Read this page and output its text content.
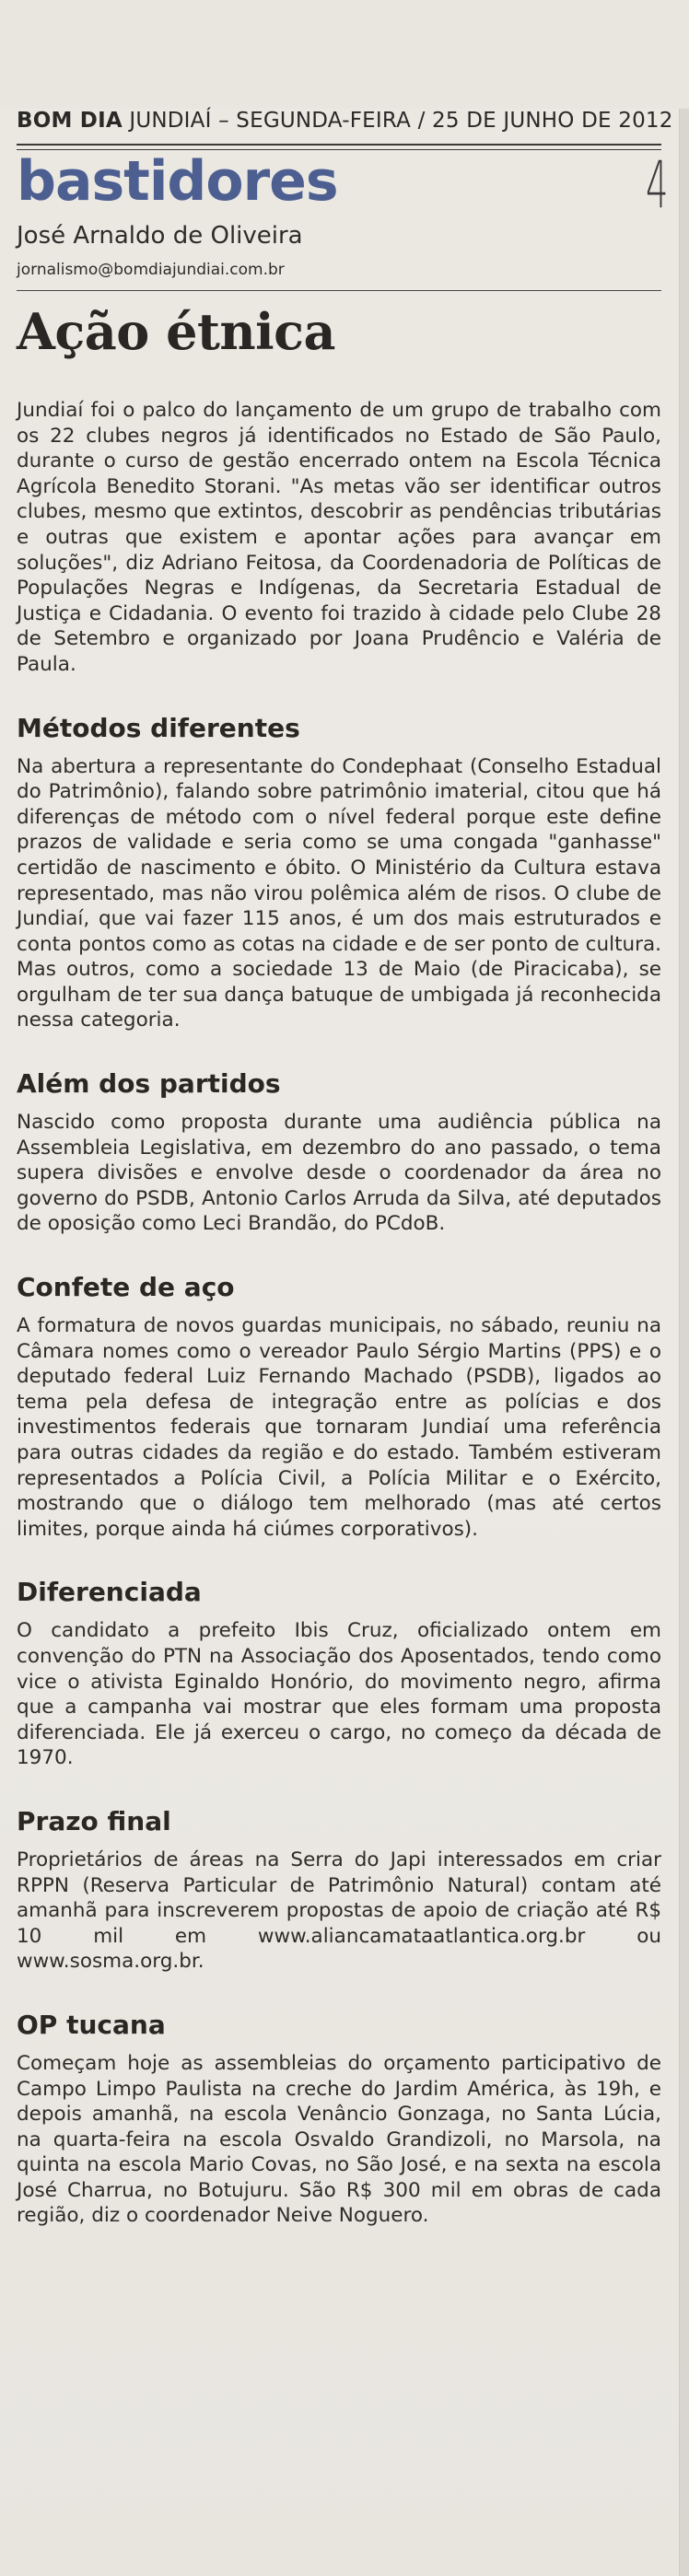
4
BOM DIA JUNDIAÍ – SEGUNDA-FEIRA / 25 DE JUNHO DE 2012
bastidores
José Arnaldo de Oliveira
jornalismo@bomdiajundiai.com.br
Ação étnica

Jundiaí foi o palco do lançamento de um grupo de trabalho com os 22 clubes negros já identificados no Estado de São Paulo, durante o curso de gestão encerrado ontem na Escola Técnica Agrícola Benedito Storani. "As metas vão ser identificar outros clubes, mesmo que extintos, descobrir as pendências tributárias e outras que existem e apontar ações para avançar em soluções", diz Adriano Feitosa, da Coordenadoria de Políticas de Populações Negras e Indígenas, da Secretaria Estadual de Justiça e Cidadania. O evento foi trazido à cidade pelo Clube 28 de Setembro e organizado por Joana Prudêncio e Valéria de Paula.

Métodos diferentes

Na abertura a representante do Condephaat (Conselho Estadual do Patrimônio), falando sobre patrimônio imaterial, citou que há diferenças de método com o nível federal porque este define prazos de validade e seria como se uma congada "ganhasse" certidão de nascimento e óbito. O Ministério da Cultura estava representado, mas não virou polêmica além de risos. O clube de Jundiaí, que vai fazer 115 anos, é um dos mais estruturados e conta pontos como as cotas na cidade e de ser ponto de cultura. Mas outros, como a sociedade 13 de Maio (de Piracicaba), se orgulham de ter sua dança batuque de umbigada já reconhecida nessa categoria.

Além dos partidos

Nascido como proposta durante uma audiência pública na Assembleia Legislativa, em dezembro do ano passado, o tema supera divisões e envolve desde o coordenador da área no governo do PSDB, Antonio Carlos Arruda da Silva, até deputados de oposição como Leci Brandão, do PCdoB.

Confete de aço

A formatura de novos guardas municipais, no sábado, reuniu na Câmara nomes como o vereador Paulo Sérgio Martins (PPS) e o deputado federal Luiz Fernando Machado (PSDB), ligados ao tema pela defesa de integração entre as polícias e dos investimentos federais que tornaram Jundiaí uma referência para outras cidades da região e do estado. Também estiveram representados a Polícia Civil, a Polícia Militar e o Exército, mostrando que o diálogo tem melhorado (mas até certos limites, porque ainda há ciúmes corporativos).

Diferenciada

O candidato a prefeito Ibis Cruz, oficializado ontem em convenção do PTN na Associação dos Aposentados, tendo como vice o ativista Eginaldo Honório, do movimento negro, afirma que a campanha vai mostrar que eles formam uma proposta diferenciada. Ele já exerceu o cargo, no começo da década de 1970.

Prazo final

Proprietários de áreas na Serra do Japi interessados em criar RPPN (Reserva Particular de Patrimônio Natural) contam até amanhã para inscreverem propostas de apoio de criação até R$ 10 mil em www.aliancamataatlantica.org.br ou www.sosma.org.br.

OP tucana

Começam hoje as assembleias do orçamento participativo de Campo Limpo Paulista na creche do Jardim América, às 19h, e depois amanhã, na escola Venâncio Gonzaga, no Santa Lúcia, na quarta-feira na escola Osvaldo Grandizoli, no Marsola, na quinta na escola Mario Covas, no São José, e na sexta na escola José Charrua, no Botujuru. São R$ 300 mil em obras de cada região, diz o coordenador Neive Noguero.
